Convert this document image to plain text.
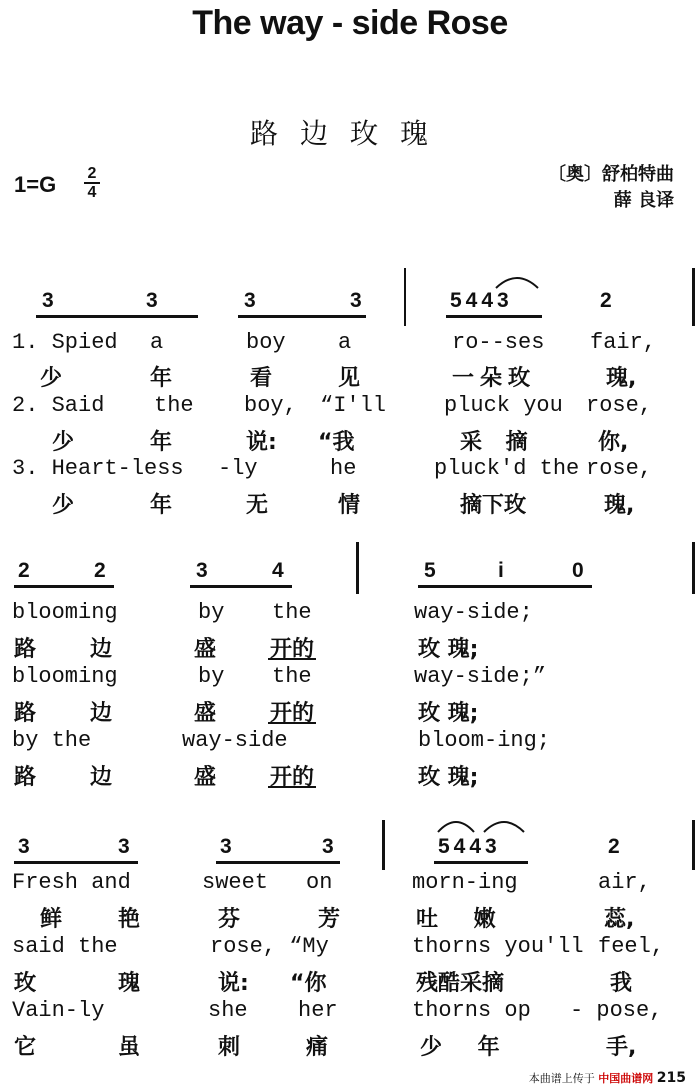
The way - side Rose
路边玫瑰
1=G 2
4
〔奥〕舒柏特曲
薛 良译
3	3	3	3	5443	2
1. Spied a	boy a	ro--ses fair,
少	年	看	见	一朵玫	瑰,
2. Said the boy, “I'll	pluck you rose,
少	年	说: “我	采 摘	你,
3. Heart-less -ly	he	pluck'd the rose,
少	年	无	情	摘下玫	瑰,
2	2	3	4	5	i	0
blooming	by the	way-side;
路 边	盛 开的	玫 瑰;
blooming	by the	way-side;”
路 边	盛 开的	玫 瑰;
by the	way-side	bloom-ing;
路 边	盛 开的	玫 瑰;
3	3	3	3	5443	2
Fresh and	sweet on	morn-ing	air,
鲜	艳	芬	芳	吐 嫩	蕊,
said the	rose, “My	thorns you'll feel,
玫	瑰	说: “你	残酷采摘	我
Vain-ly	she her	thorns op - pose,
它	虽	刺	痛	少 年	手,
本曲谱上传于 中国曲谱网 215
